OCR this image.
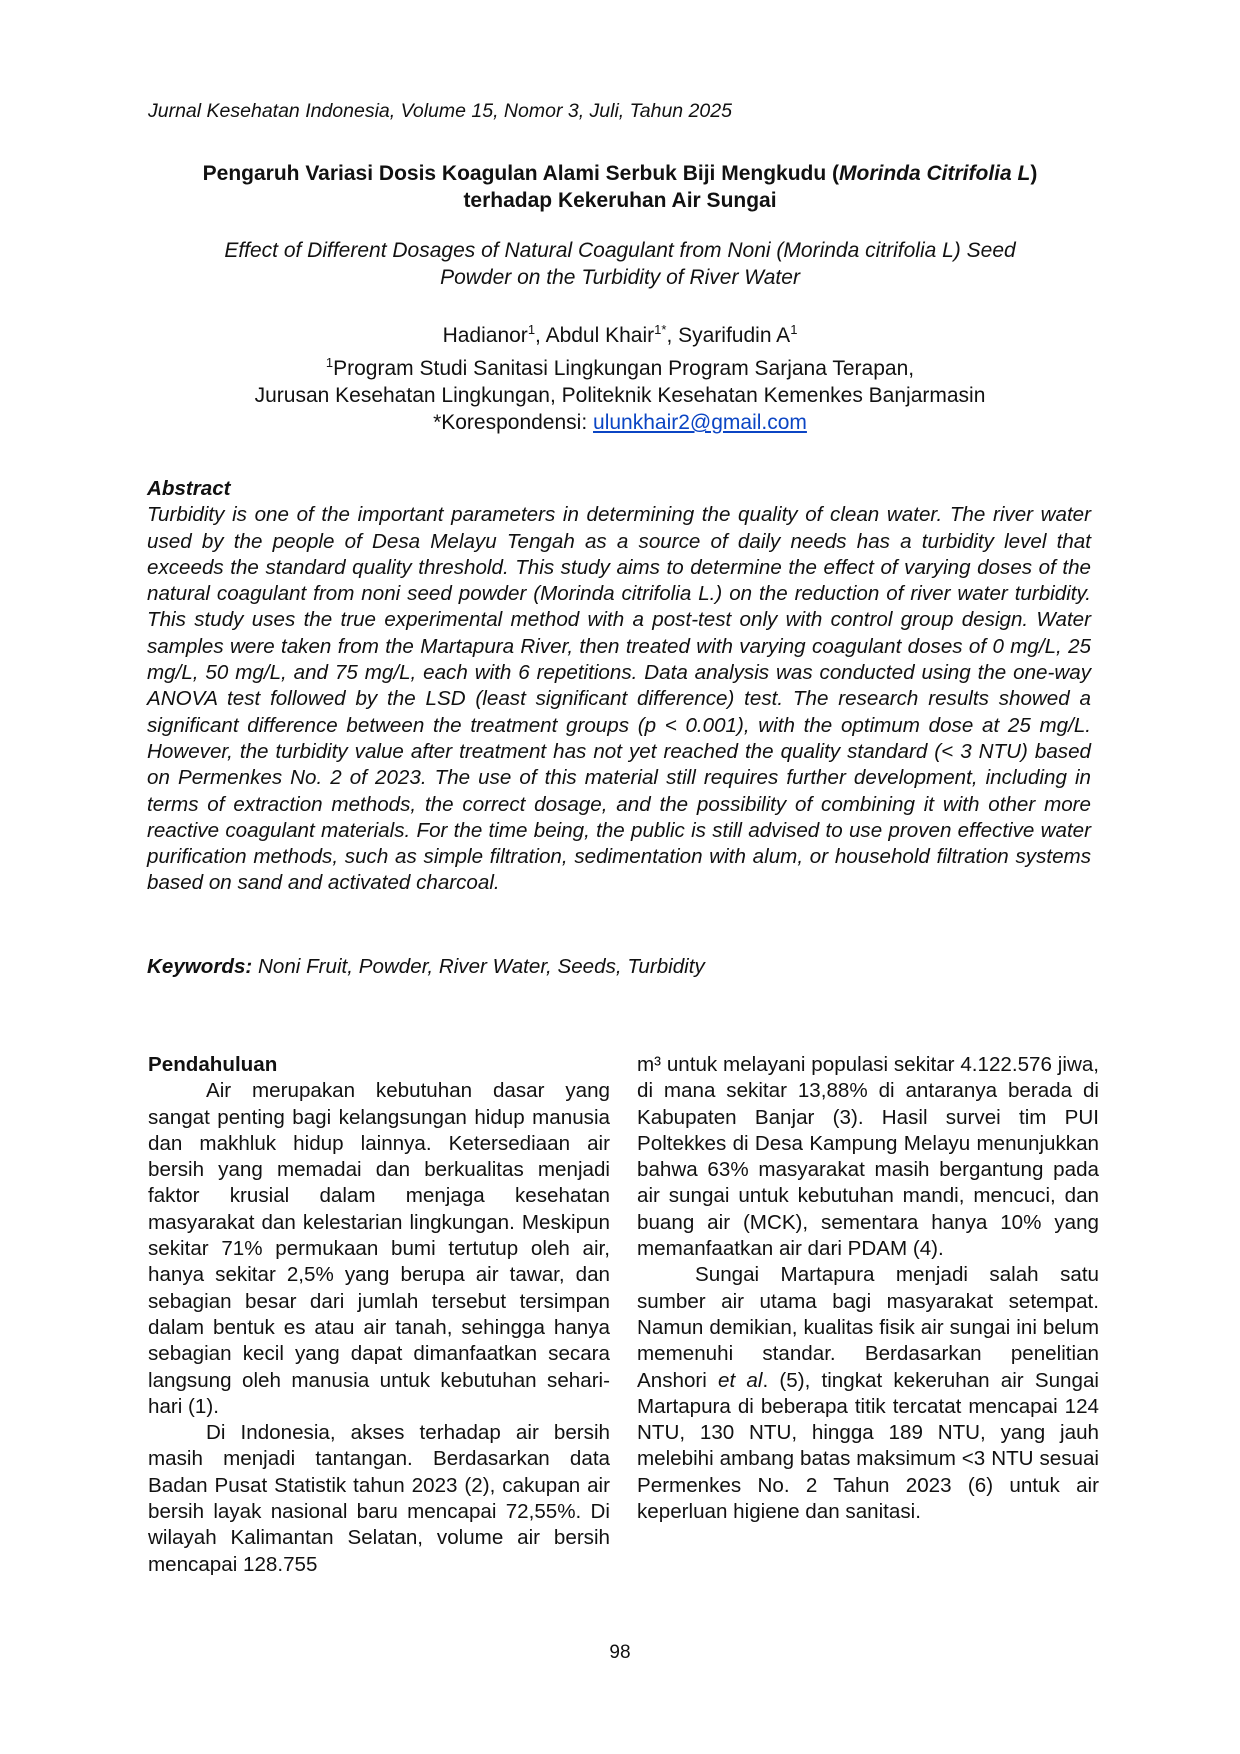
Jurnal Kesehatan Indonesia, Volume 15, Nomor 3, Juli, Tahun 2025
Pengaruh Variasi Dosis Koagulan Alami Serbuk Biji Mengkudu (Morinda Citrifolia L)
terhadap Kekeruhan Air Sungai
Effect of Different Dosages of Natural Coagulant from Noni (Morinda citrifolia L) Seed
Powder on the Turbidity of River Water
Hadianor$^1$, Abdul Khair$^{1*}$, Syarifudin $A^1$
$^1$Program Studi Sanitasi Lingkungan Program Sarjana Terapan,
Jurusan Kesehatan Lingkungan, Politeknik Kesehatan Kemenkes Banjarmasin
*Korespondensi: ulunkhair2@gmail.com
Abstract
Turbidity is one of the important parameters in determining the quality of clean water. The river water used by the people of Desa Melayu Tengah as a source of daily needs has a turbidity level that exceeds the standard quality threshold. This study aims to determine the effect of varying doses of the natural coagulant from noni seed powder (Morinda citrifolia L.) on the reduction of river water turbidity. This study uses the true experimental method with a post-test only with control group design. Water samples were taken from the Martapura River, then treated with varying coagulant doses of 0 mg/L, 25 mg/L, 50 mg/L, and 75 mg/L, each with 6 repetitions. Data analysis was conducted using the one-way ANOVA test followed by the LSD (least significant difference) test. The research results showed a significant difference between the treatment groups (p < 0.001), with the optimum dose at 25 mg/L. However, the turbidity value after treatment has not yet reached the quality standard (< 3 NTU) based on Permenkes No. 2 of 2023. The use of this material still requires further development, including in terms of extraction methods, the correct dosage, and the possibility of combining it with other more reactive coagulant materials. For the time being, the public is still advised to use proven effective water purification methods, such as simple filtration, sedimentation with alum, or household filtration systems based on sand and activated charcoal.
Keywords: Noni Fruit, Powder, River Water, Seeds, Turbidity

Pendahuluan

Air merupakan kebutuhan dasar yang sangat penting bagi kelangsungan hidup manusia dan makhluk hidup lainnya. Ketersediaan air bersih yang memadai dan berkualitas menjadi faktor krusial dalam menjaga kesehatan masyarakat dan kelestarian lingkungan. Meskipun sekitar 71% permukaan bumi tertutup oleh air, hanya sekitar 2,5% yang berupa air tawar, dan sebagian besar dari jumlah tersebut tersimpan dalam bentuk es atau air tanah, sehingga hanya sebagian kecil yang dapat dimanfaatkan secara langsung oleh manusia untuk kebutuhan sehari-hari (1).

Di Indonesia, akses terhadap air bersih masih menjadi tantangan. Berdasarkan data Badan Pusat Statistik tahun 2023 (2), cakupan air bersih layak nasional baru mencapai 72,55%. Di wilayah Kalimantan Selatan, volume air bersih mencapai 128.755

m³ untuk melayani populasi sekitar 4.122.576 jiwa, di mana sekitar 13,88% di antaranya berada di Kabupaten Banjar (3). Hasil survei tim PUI Poltekkes di Desa Kampung Melayu menunjukkan bahwa 63% masyarakat masih bergantung pada air sungai untuk kebutuhan mandi, mencuci, dan buang air (MCK), sementara hanya 10% yang memanfaatkan air dari PDAM (4).

Sungai Martapura menjadi salah satu sumber air utama bagi masyarakat setempat. Namun demikian, kualitas fisik air sungai ini belum memenuhi standar. Berdasarkan penelitian Anshori et al. (5), tingkat kekeruhan air Sungai Martapura di beberapa titik tercatat mencapai 124 NTU, 130 NTU, hingga 189 NTU, yang jauh melebihi ambang batas maksimum <3 NTU sesuai Permenkes No. 2 Tahun 2023 (6) untuk air keperluan higiene dan sanitasi.

98
